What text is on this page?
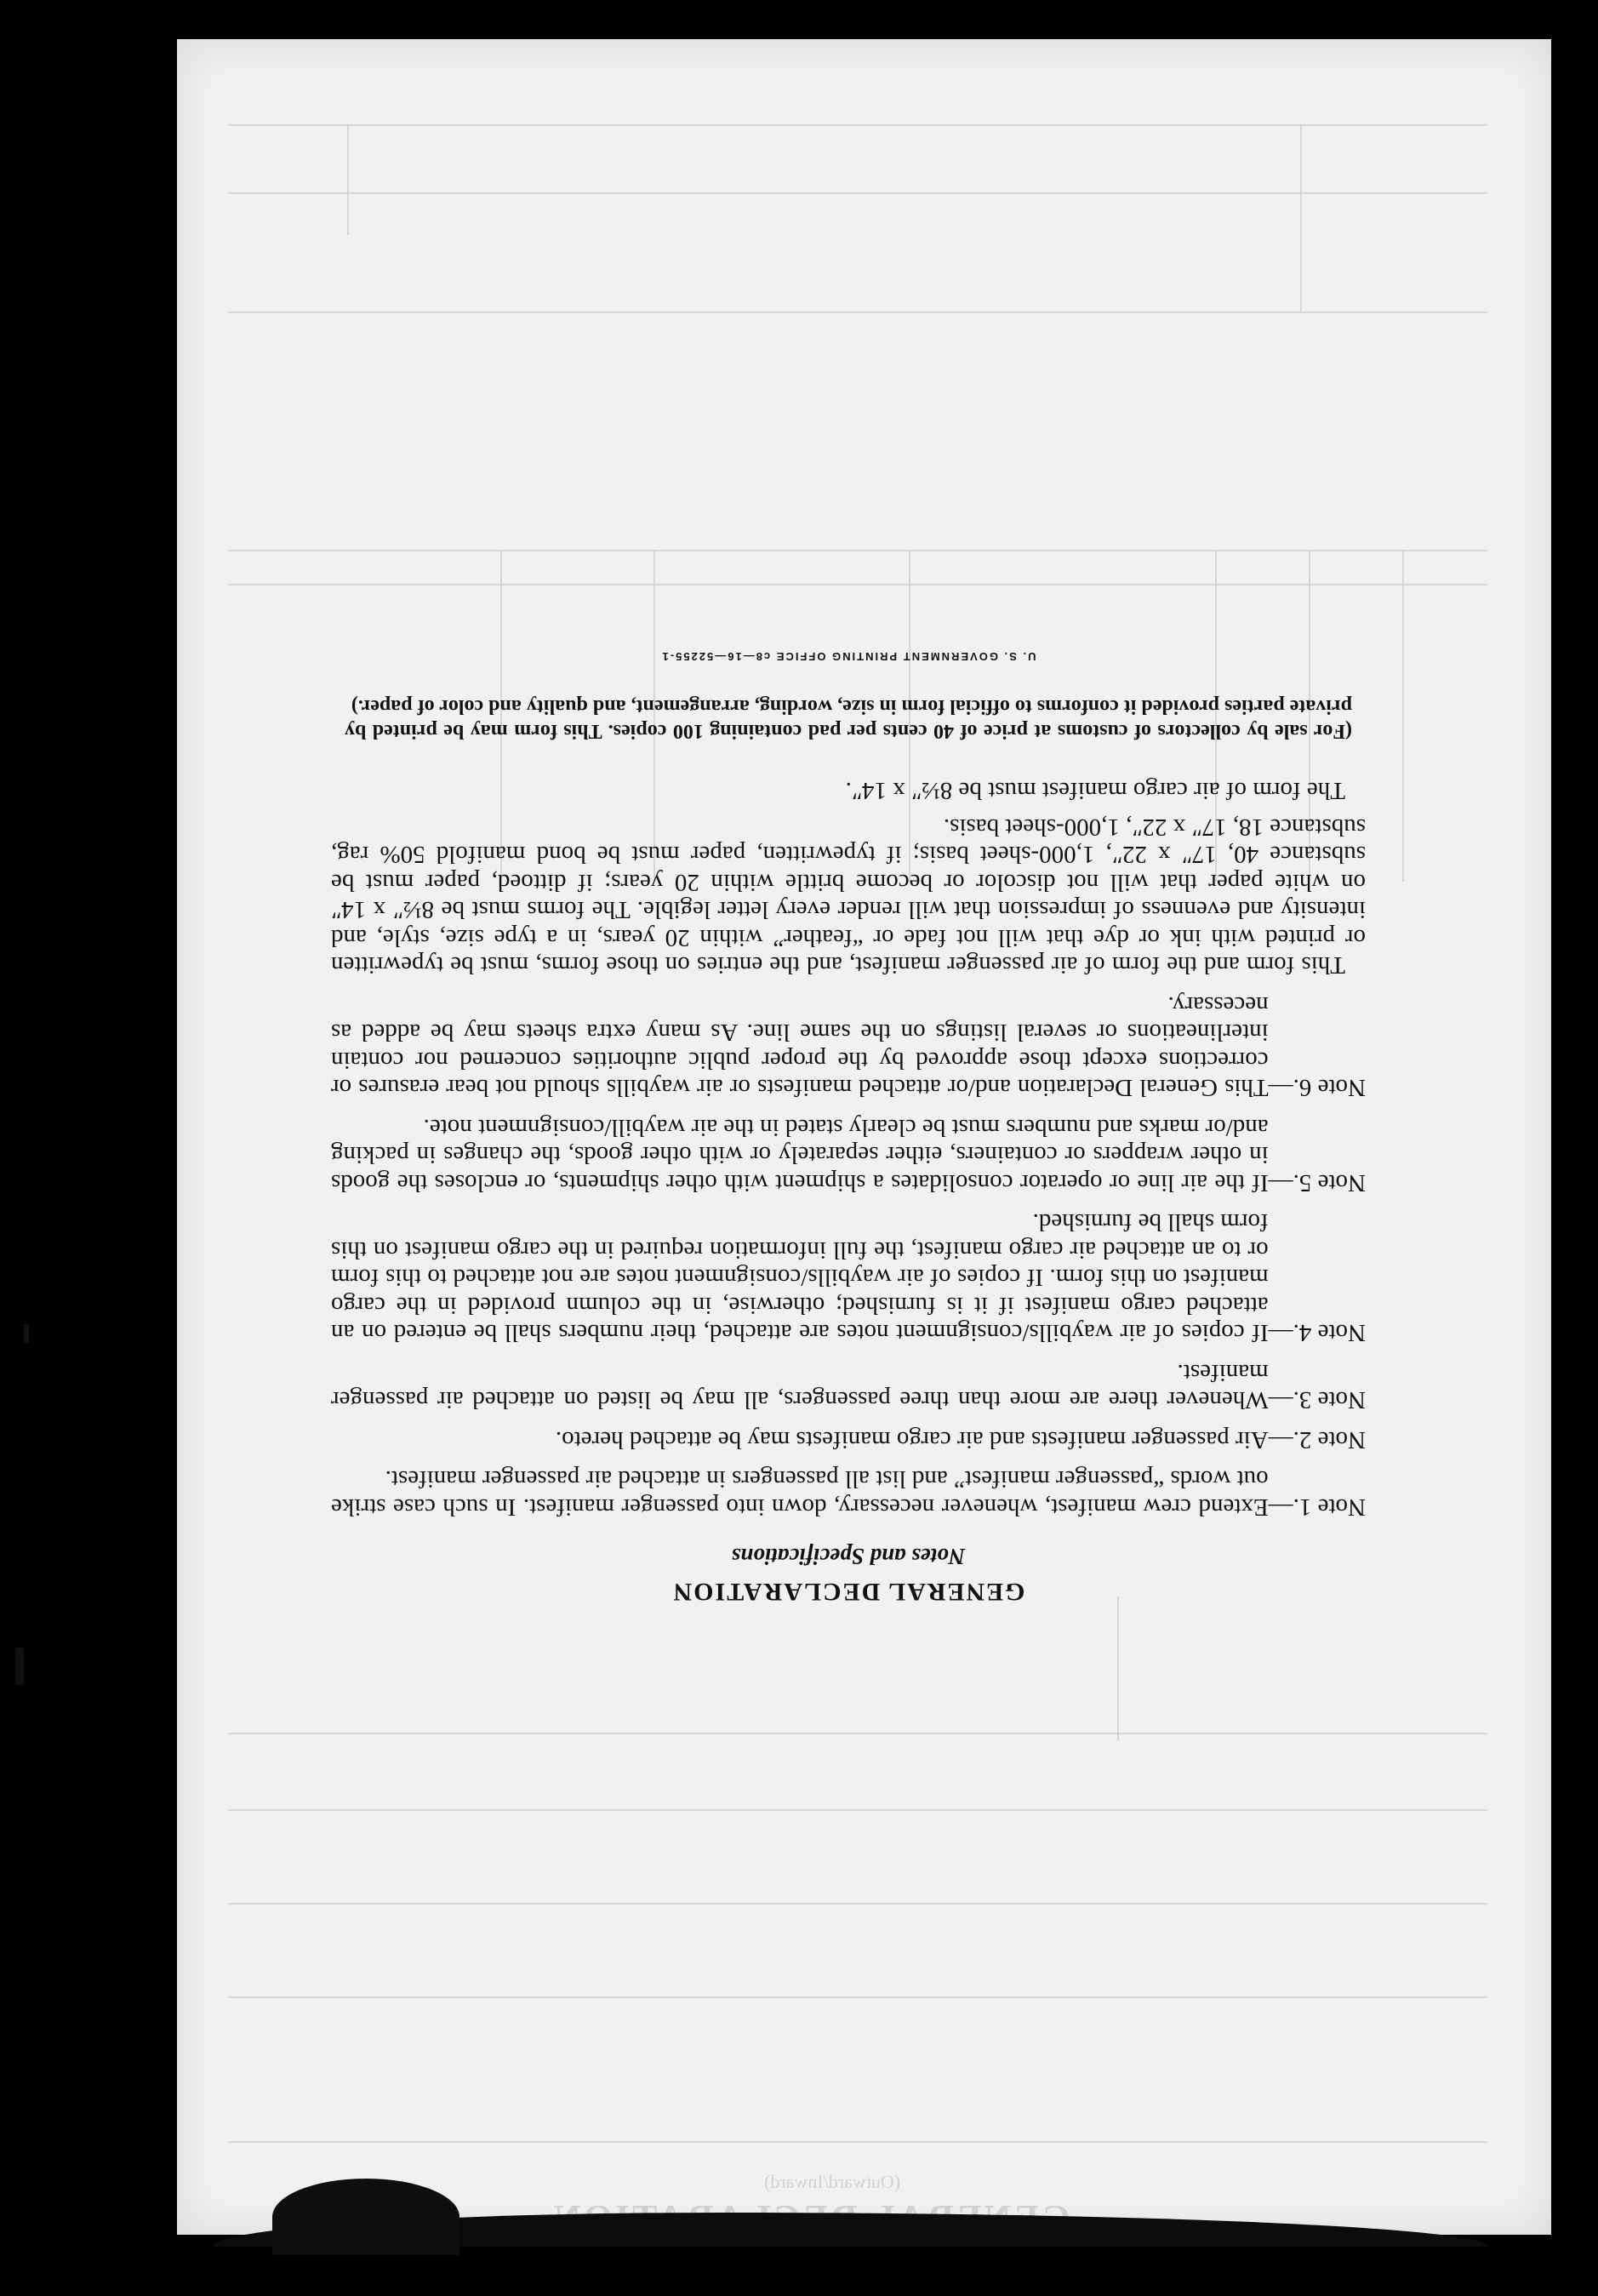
(Outward/Inward)
GENERAL DECLARATION
Notes and Specifications
Note 1.—
Extend crew manifest, whenever necessary, down into passenger manifest. In such case strike out words “passenger manifest” and list all passengers in attached air passenger manifest.
Note 2.—
Air passenger manifests and air cargo manifests may be attached hereto.
Note 3.—
Whenever there are more than three passengers, all may be listed on attached air passenger manifest.
Note 4.—
If copies of air waybills/consignment notes are attached, their numbers shall be entered on an attached cargo manifest if it is furnished; otherwise, in the column provided in the cargo manifest on this form. If copies of air waybills/consignment notes are not attached to this form or to an attached air cargo manifest, the full information required in the cargo manifest on this form shall be furnished.
Note 5.—
If the air line or operator consolidates a shipment with other shipments, or encloses the goods in other wrappers or containers, either separately or with other goods, the changes in packing and/or marks and numbers must be clearly stated in the air waybill/consignment note.
Note 6.—
This General Declaration and/or attached manifests or air waybills should not bear erasures or corrections except those approved by the proper public authorities concerned nor contain interlineations or several listings on the same line. As many extra sheets may be added as necessary.

This form and the form of air passenger manifest, and the entries on those forms, must be typewritten or printed with ink or dye that will not fade or “feather” within 20 years, in a type size, style, and intensity and evenness of impression that will render every letter legible. The forms must be 8½″ x 14″ on white paper that will not discolor or become brittle within 20 years; if dittoed, paper must be substance 40, 17″ x 22″, 1,000-sheet basis; if typewritten, paper must be bond manifold 50% rag, substance 18, 17″ x 22″, 1,000-sheet basis.

The form of air cargo manifest must be 8½″ x 14″.

(For sale by collectors of customs at price of 40 cents per pad containing 100 copies. This form may be printed by private parties provided it conforms to official form in size, wording, arrangement, and quality and color of paper.)

U. S. GOVERNMENT PRINTING OFFICE c8—16—52255-1
